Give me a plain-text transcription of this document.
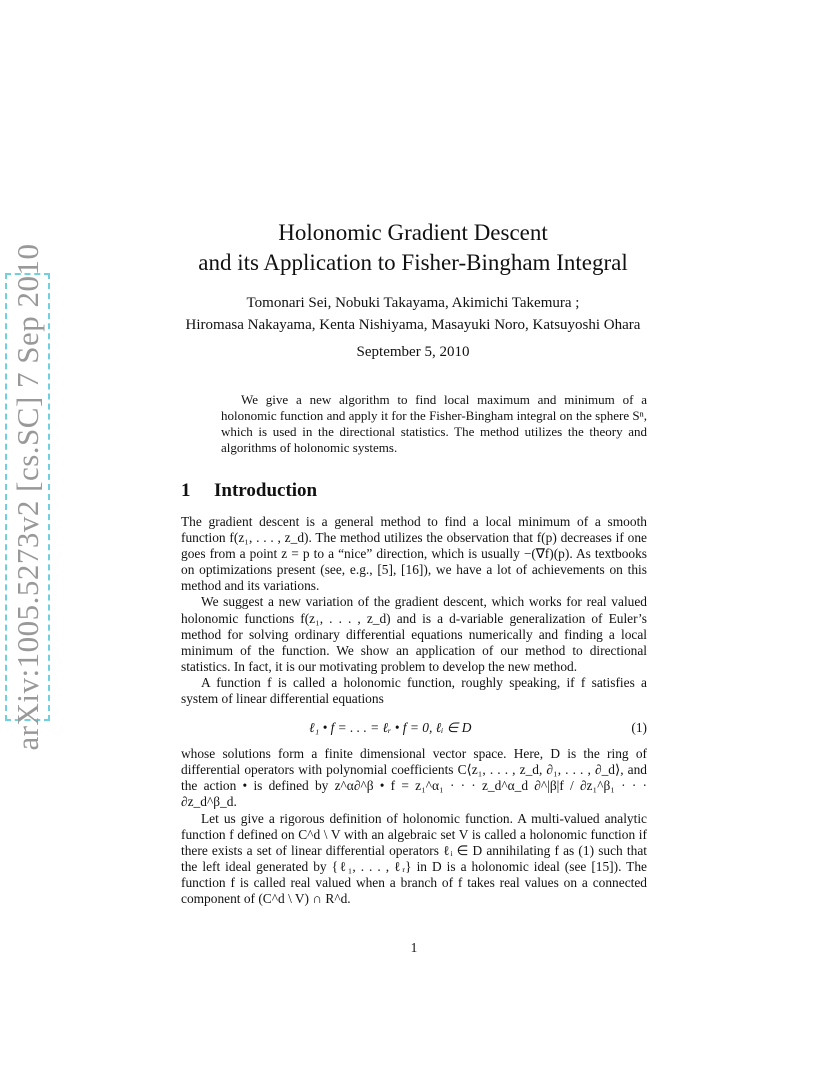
arXiv:1005.5273v2 [cs.SC] 7 Sep 2010
Holonomic Gradient Descent
and its Application to Fisher-Bingham Integral
Tomonari Sei, Nobuki Takayama, Akimichi Takemura ;
Hiromasa Nakayama, Kenta Nishiyama, Masayuki Noro, Katsuyoshi Ohara
September 5, 2010
We give a new algorithm to find local maximum and minimum of a holonomic function and apply it for the Fisher-Bingham integral on the sphere Sⁿ, which is used in the directional statistics. The method utilizes the theory and algorithms of holonomic systems.
1 Introduction

The gradient descent is a general method to find a local minimum of a smooth function f(z₁, . . . , z_d). The method utilizes the observation that f(p) decreases if one goes from a point z = p to a “nice” direction, which is usually −(∇f)(p). As textbooks on optimizations present (see, e.g., [5], [16]), we have a lot of achievements on this method and its variations.

We suggest a new variation of the gradient descent, which works for real valued holonomic functions f(z₁, . . . , z_d) and is a d-variable generalization of Euler’s method for solving ordinary differential equations numerically and finding a local minimum of the function. We show an application of our method to directional statistics. In fact, it is our motivating problem to develop the new method.

A function f is called a holonomic function, roughly speaking, if f satisfies a system of linear differential equations

ℓ₁ • f = . . . = ℓᵣ • f = 0, ℓᵢ ∈ D	(1)

whose solutions form a finite dimensional vector space. Here, D is the ring of differential operators with polynomial coefficients C⟨z₁, . . . , z_d, ∂₁, . . . , ∂_d⟩, and the action • is defined by z^α∂^β • f = z₁^α₁ · · · z_d^α_d ∂^|β|f / ∂z₁^β₁ · · · ∂z_d^β_d.

Let us give a rigorous definition of holonomic function. A multi-valued analytic function f defined on C^d \ V with an algebraic set V is called a holonomic function if there exists a set of linear differential operators ℓᵢ ∈ D annihilating f as (1) such that the left ideal generated by {ℓ₁, . . . , ℓᵣ} in D is a holonomic ideal (see [15]). The function f is called real valued when a branch of f takes real values on a connected component of (C^d \ V) ∩ R^d.

1
